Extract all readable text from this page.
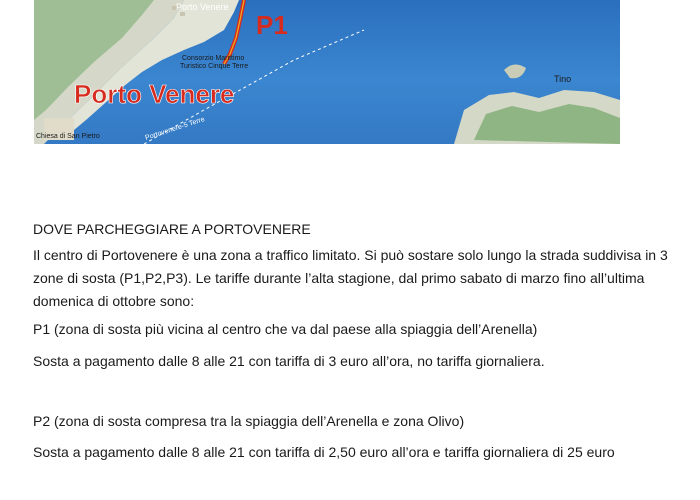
P1
Porto Venere
Consorzio Marittimo
Turistico Cinque Terre
Porto Venere
Chiesa di San Pietro	Portovenere-5 Terre
Tino
DOVE PARCHEGGIARE A PORTOVENERE
Il centro di Portovenere è una zona a traffico limitato. Si può sostare solo lungo la strada suddivisa in 3 zone di sosta (P1,P2,P3). Le tariffe durante l’alta stagione, dal primo sabato di marzo fino all’ultima domenica di ottobre sono:
P1 (zona di sosta più vicina al centro che va dal paese alla spiaggia dell’Arenella)
Sosta a pagamento dalle 8 alle 21 con tariffa di 3 euro all’ora, no tariffa giornaliera.
P2 (zona di sosta compresa tra la spiaggia dell’Arenella e zona Olivo)
Sosta a pagamento dalle 8 alle 21 con tariffa di 2,50 euro all’ora e tariffa giornaliera di 25 euro
